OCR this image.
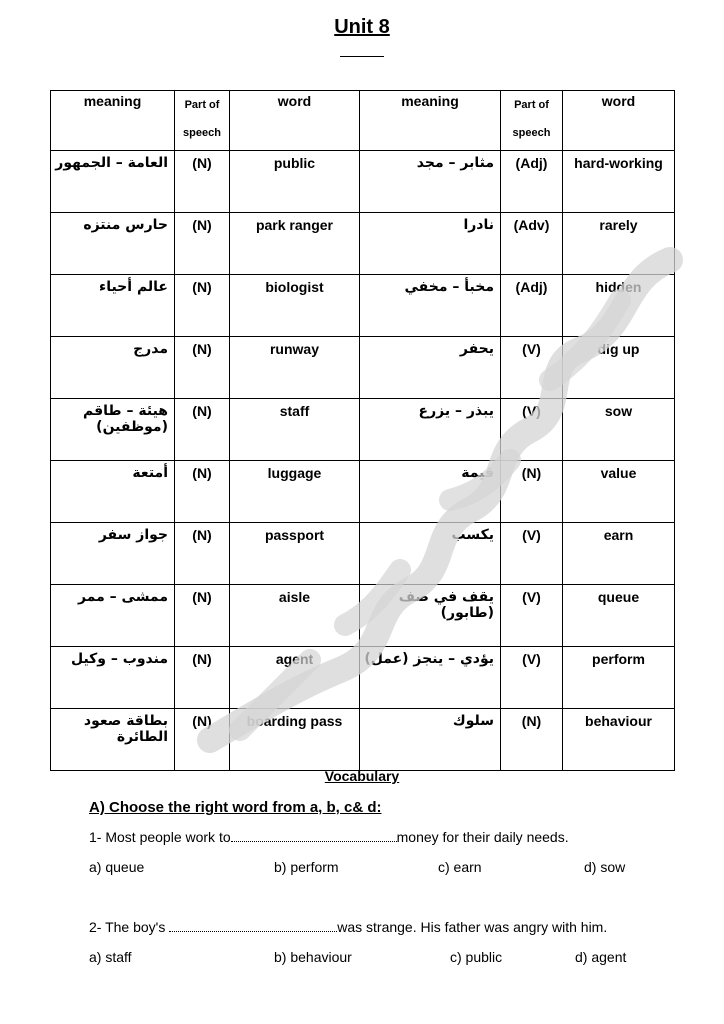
Unit 8
meaning	Part of speech	word	meaning	Part of speech	word
العامة – الجمهور	(N)	public	مثابر – مجد	(Adj)	hard-working
حارس منتزه	(N)	park ranger	نادرا	(Adv)	rarely
عالم أحياء	(N)	biologist	مخبأ – مخفي	(Adj)	hidden
مدرج	(N)	runway	يحفر	(V)	dig up
هيئة – طاقم (موظفين)	(N)	staff	يبذر – يزرع	(V)	sow
أمتعة	(N)	luggage	قيمة	(N)	value
جواز سفر	(N)	passport	يكسب	(V)	earn
ممشى – ممر	(N)	aisle	يقف في صف (طابور)	(V)	queue
مندوب – وكيل	(N)	agent	يؤدي – ينجز (عمل)	(V)	perform
بطاقة صعود الطائرة	(N)	boarding pass	سلوك	(N)	behaviour
Vocabulary
A) Choose the right word from a, b, c& d:
1- Most people work to	money for their daily needs.
a) queue	b) perform	c) earn	d) sow
2- The boy's	was strange. His father was angry with him.
a) staff	b) behaviour	c) public	d) agent
